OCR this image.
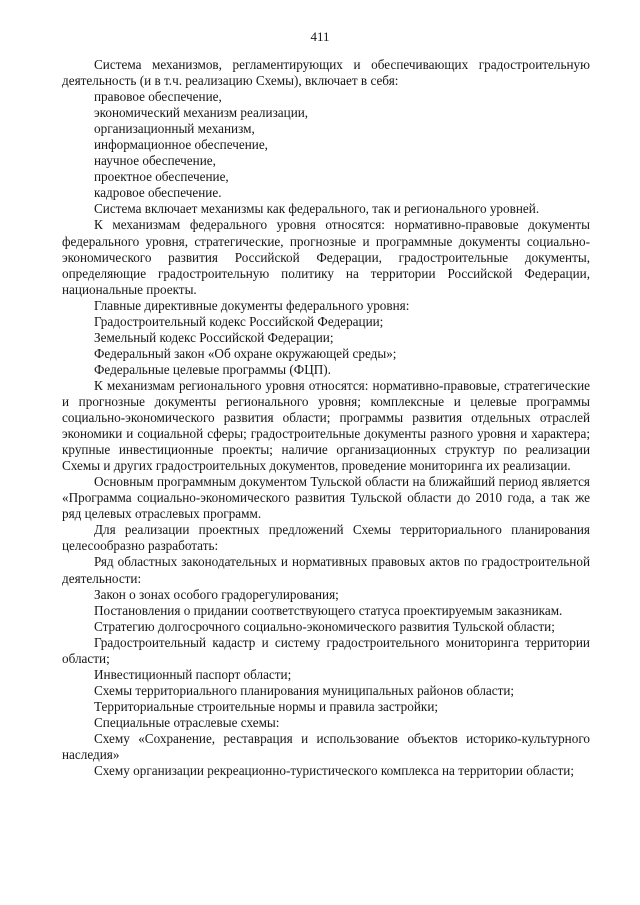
411

Система механизмов, регламентирующих и обеспечивающих градостроительную деятельность (и в т.ч. реализацию Схемы), включает в себя:

правовое обеспечение,

экономический механизм реализации,

организационный механизм,

информационное обеспечение,

научное обеспечение,

проектное обеспечение,

кадровое обеспечение.

Система включает механизмы как федерального, так и регионального уровней.

К механизмам федерального уровня относятся: нормативно-правовые документы федерального уровня, стратегические, прогнозные и программные документы социально-экономического развития Российской Федерации, градостроительные документы, определяющие градостроительную политику на территории Российской Федерации, национальные проекты.

Главные директивные документы федерального уровня:

Градостроительный кодекс Российской Федерации;

Земельный кодекс Российской Федерации;

Федеральный закон «Об охране окружающей среды»;

Федеральные целевые программы (ФЦП).

К механизмам регионального уровня относятся: нормативно-правовые, стратегические и прогнозные документы регионального уровня; комплексные и целевые программы социально-экономического развития области; программы развития отдельных отраслей экономики и социальной сферы; градостроительные документы разного уровня и характера; крупные инвестиционные проекты; наличие организационных структур по реализации Схемы и других градостроительных документов, проведение мониторинга их реализации.

Основным программным документом Тульской области на ближайший период является «Программа социально-экономического развития Тульской области до 2010 года, а так же ряд целевых отраслевых программ.

Для реализации проектных предложений Схемы территориального планирования целесообразно разработать:

Ряд областных законодательных и нормативных правовых актов по градостроительной деятельности:

Закон о зонах особого градорегулирования;

Постановления о придании соответствующего статуса проектируемым заказникам.

Стратегию долгосрочного социально-экономического развития Тульской области;

Градостроительный кадастр и систему градостроительного мониторинга территории области;

Инвестиционный паспорт области;

Схемы территориального планирования муниципальных районов области;

Территориальные строительные нормы и правила застройки;

Специальные отраслевые схемы:

Схему «Сохранение, реставрация и использование объектов историко-культурного наследия»

Схему организации рекреационно-туристического комплекса на территории области;
